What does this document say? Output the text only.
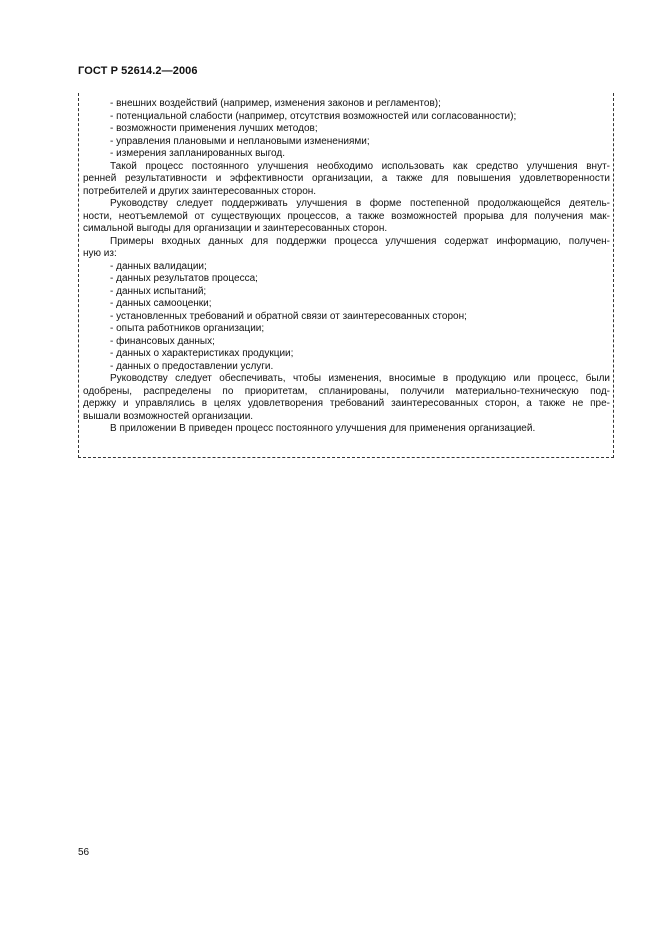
ГОСТ Р 52614.2—2006
- внешних воздействий (например, изменения законов и регламентов);
- потенциальной слабости (например, отсутствия возможностей или согласованности);
- возможности применения лучших методов;
- управления плановыми и неплановыми изменениями;
- измерения запланированных выгод.
Такой процесс постоянного улучшения необходимо использовать как средство улучшения внут-
ренней результативности и эффективности организации, а также для повышения удовлетворенности
потребителей и других заинтересованных сторон.
Руководству следует поддерживать улучшения в форме постепенной продолжающейся деятель-
ности, неотъемлемой от существующих процессов, а также возможностей прорыва для получения мак-
симальной выгоды для организации и заинтересованных сторон.
Примеры входных данных для поддержки процесса улучшения содержат информацию, получен-
ную из:
- данных валидации;
- данных результатов процесса;
- данных испытаний;
- данных самооценки;
- установленных требований и обратной связи от заинтересованных сторон;
- опыта работников организации;
- финансовых данных;
- данных о характеристиках продукции;
- данных о предоставлении услуги.
Руководству следует обеспечивать, чтобы изменения, вносимые в продукцию или процесс, были
одобрены, распределены по приоритетам, спланированы, получили материально-техническую под-
держку и управлялись в целях удовлетворения требований заинтересованных сторон, а также не пре-
вышали возможностей организации.
В приложении В приведен процесс постоянного улучшения для применения организацией.
56
